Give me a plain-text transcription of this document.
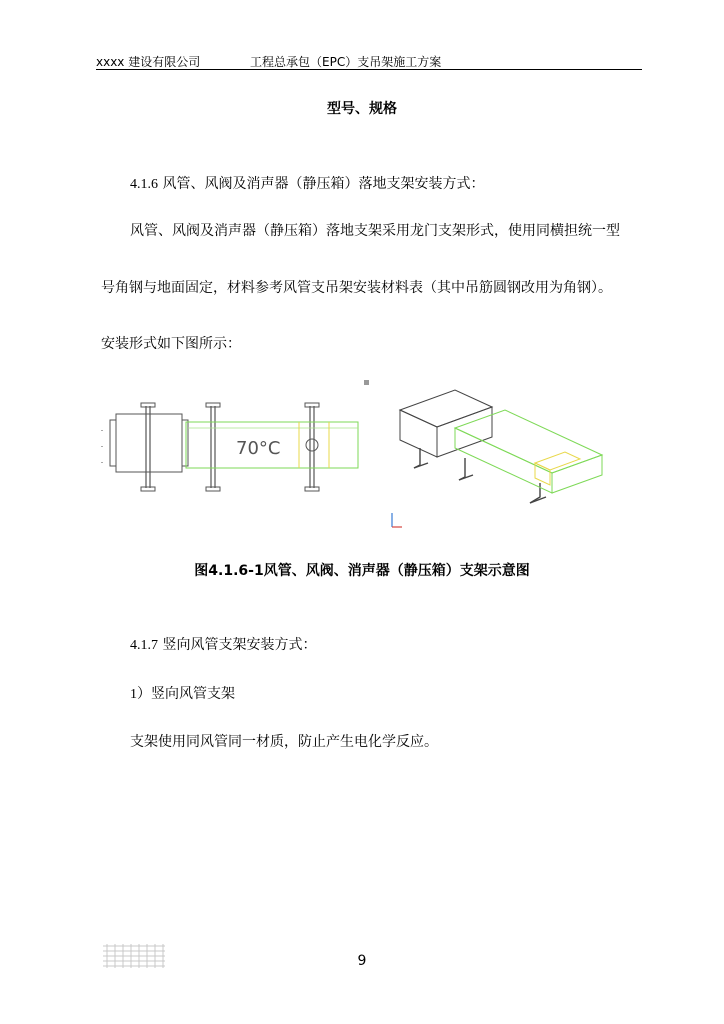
xxxx 建设有限公司	工程总承包（EPC）支吊架施工方案
型号、规格
4.1.6 风管、风阀及消声器（静压箱）落地支架安装方式：
风管、风阀及消声器（静压箱）落地支架采用龙门支架形式，使用同横担统一型
号角钢与地面固定，材料参考风管支吊架安装材料表（其中吊筋圆钢改用为角钢）。
安装形式如下图所示：
70°C
图4.1.6-1风管、风阀、消声器（静压箱）支架示意图
4.1.7 竖向风管支架安装方式：
1）竖向风管支架
支架使用同风管同一材质，防止产生电化学反应。
9
